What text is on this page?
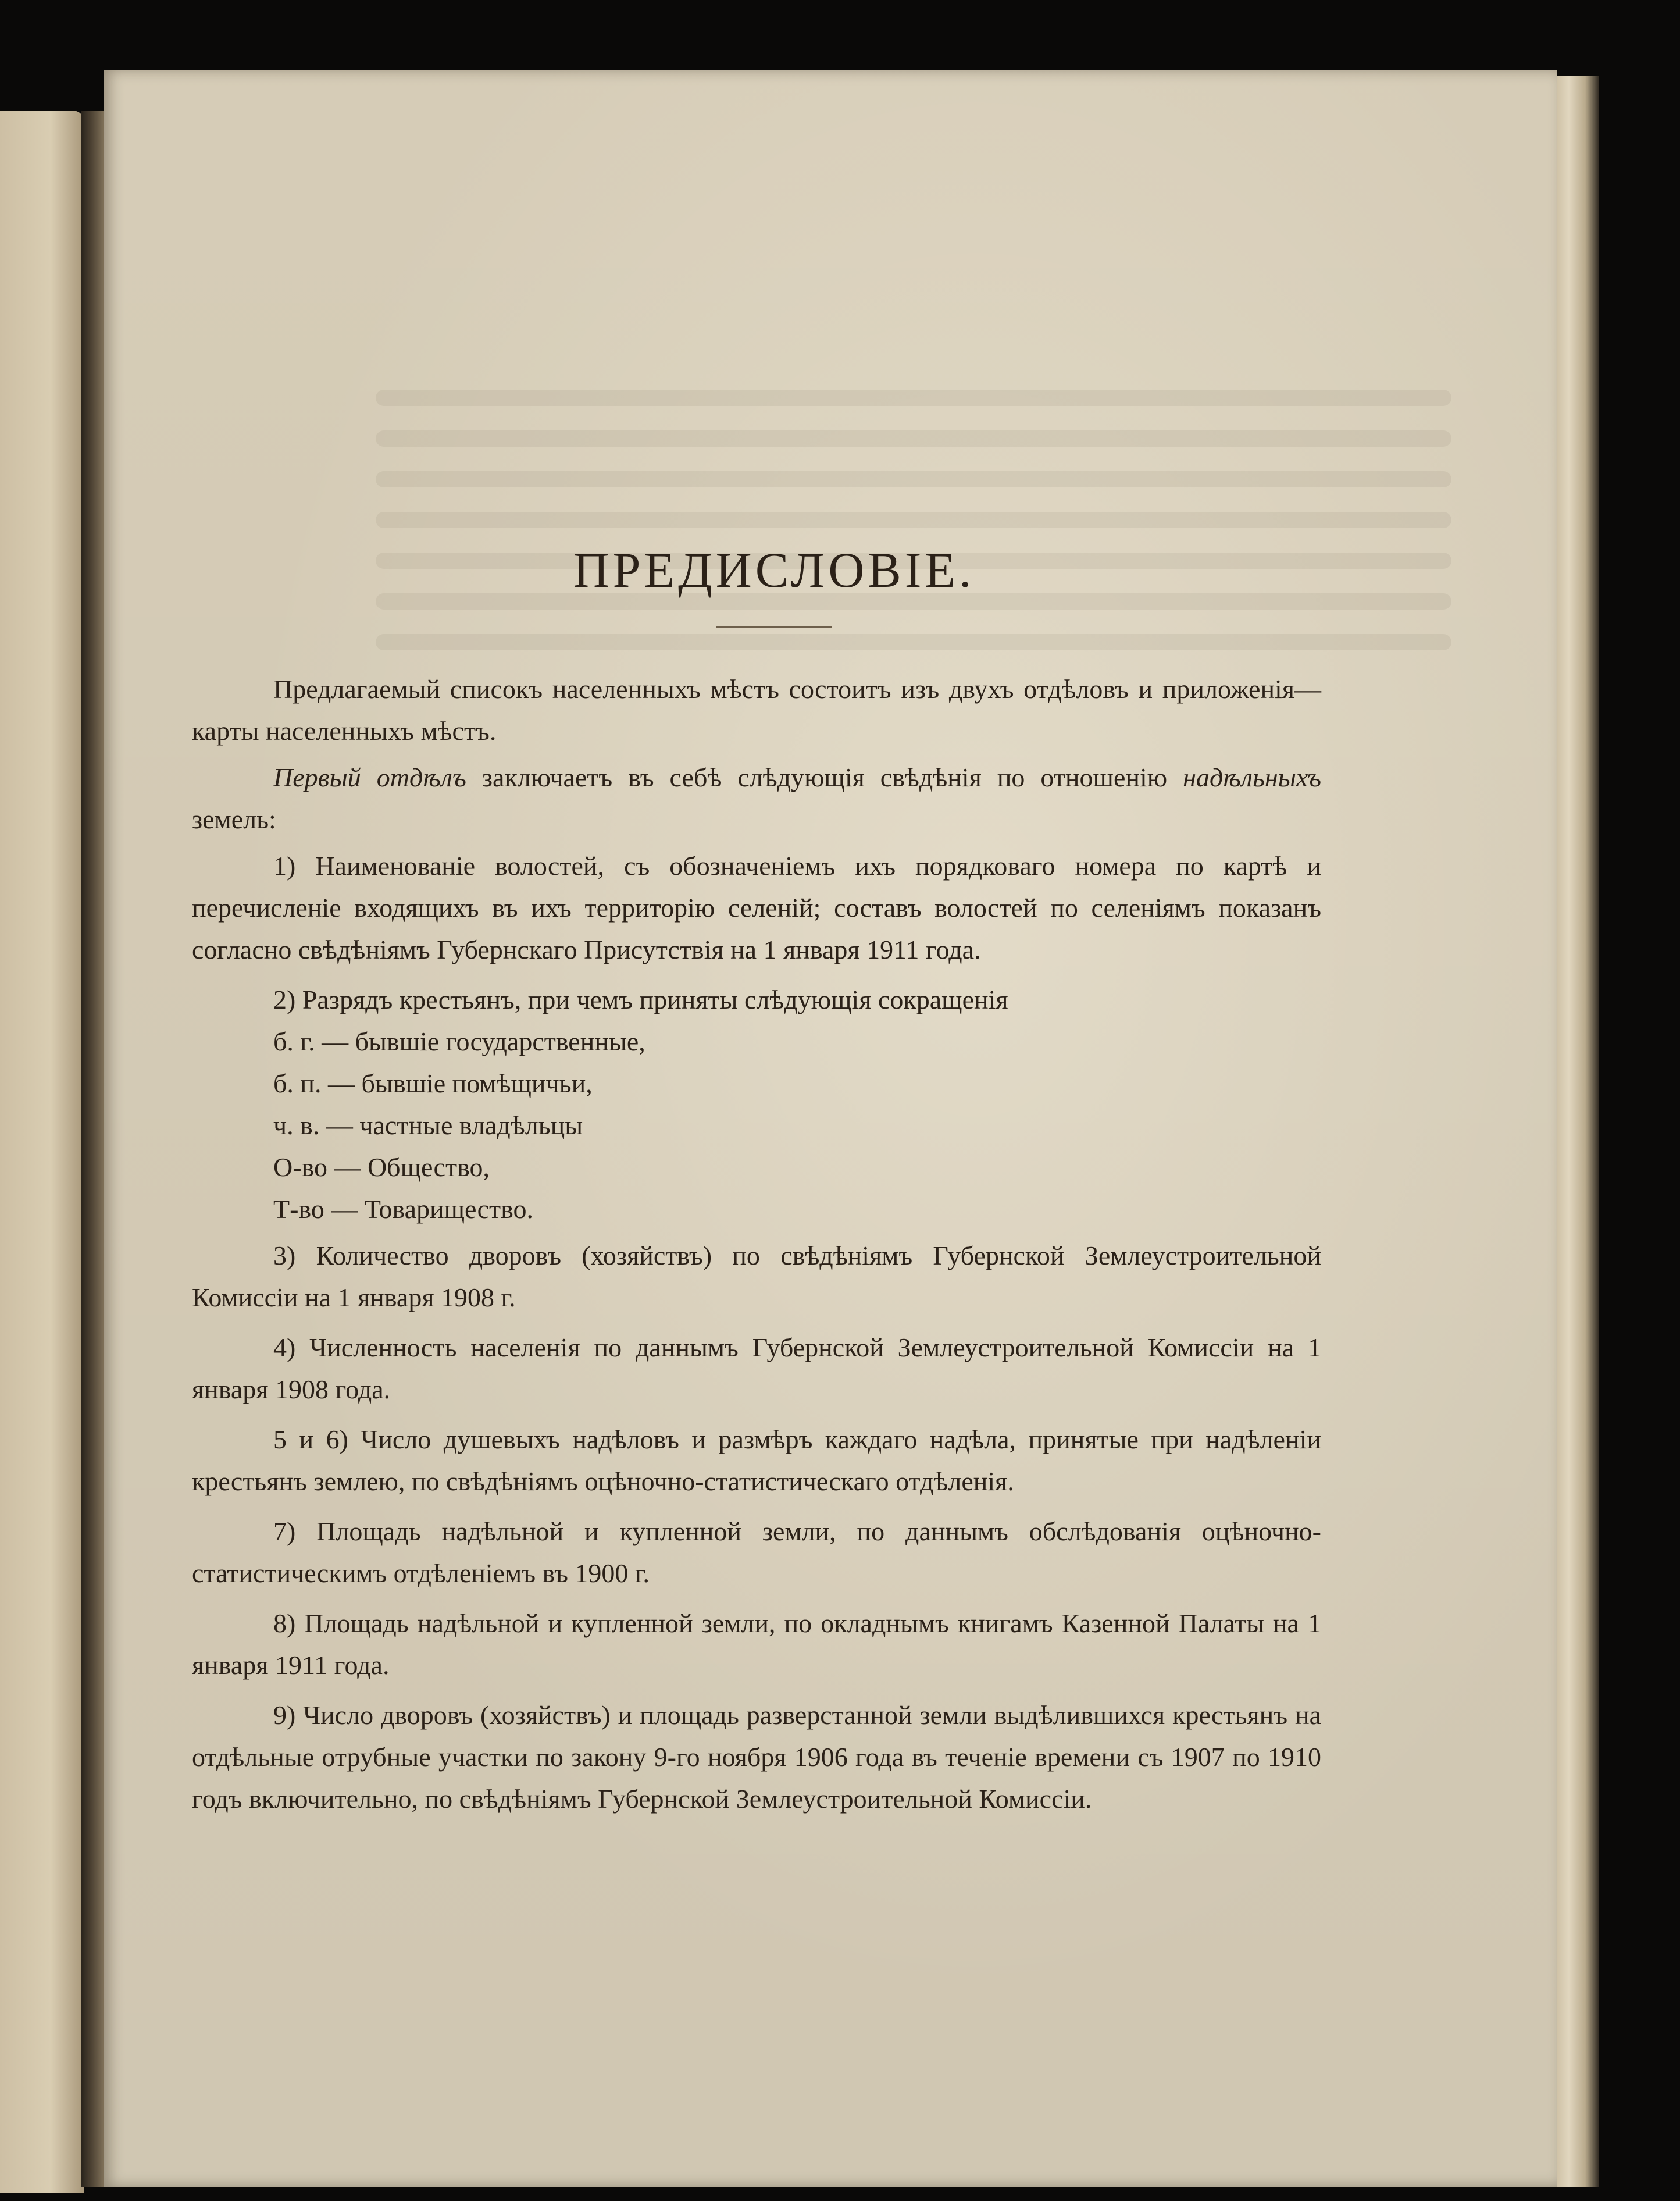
ПРЕДИСЛОВІЕ.

Предлагаемый списокъ населенныхъ мѣстъ состоитъ изъ двухъ отдѣловъ и приложенія—карты населенныхъ мѣстъ.

Первый отдѣлъ заключаетъ въ себѣ слѣдующія свѣдѣнія по отношенію надѣльныхъ земель:

1) Наименованіе волостей, съ обозначеніемъ ихъ порядковаго номера по картѣ и перечисленіе входящихъ въ ихъ территорію селеній; составъ волостей по селеніямъ показанъ согласно свѣдѣніямъ Губернскаго Присутствія на 1 января 1911 года.

2) Разрядъ крестьянъ, при чемъ приняты слѣдующія сокращенія

б. г. — бывшіе государственные,

б. п. — бывшіе помѣщичьи,

ч. в. — частные владѣльцы

О-во — Общество,

Т-во — Товарищество.

3) Количество дворовъ (хозяйствъ) по свѣдѣніямъ Губернской Землеустроительной Комиссіи на 1 января 1908 г.

4) Численность населенія по даннымъ Губернской Землеустроительной Комиссіи на 1 января 1908 года.

5 и 6) Число душевыхъ надѣловъ и размѣръ каждаго надѣла, принятые при надѣленіи крестьянъ землею, по свѣдѣніямъ оцѣночно-статистическаго отдѣленія.

7) Площадь надѣльной и купленной земли, по даннымъ обслѣдованія оцѣночно-статистическимъ отдѣленіемъ въ 1900 г.

8) Площадь надѣльной и купленной земли, по окладнымъ книгамъ Казенной Палаты на 1 января 1911 года.

9) Число дворовъ (хозяйствъ) и площадь разверстанной земли выдѣлившихся крестьянъ на отдѣльные отрубные участки по закону 9-го ноября 1906 года въ теченіе времени съ 1907 по 1910 годъ включительно, по свѣдѣніямъ Губернской Землеустроительной Комиссіи.
